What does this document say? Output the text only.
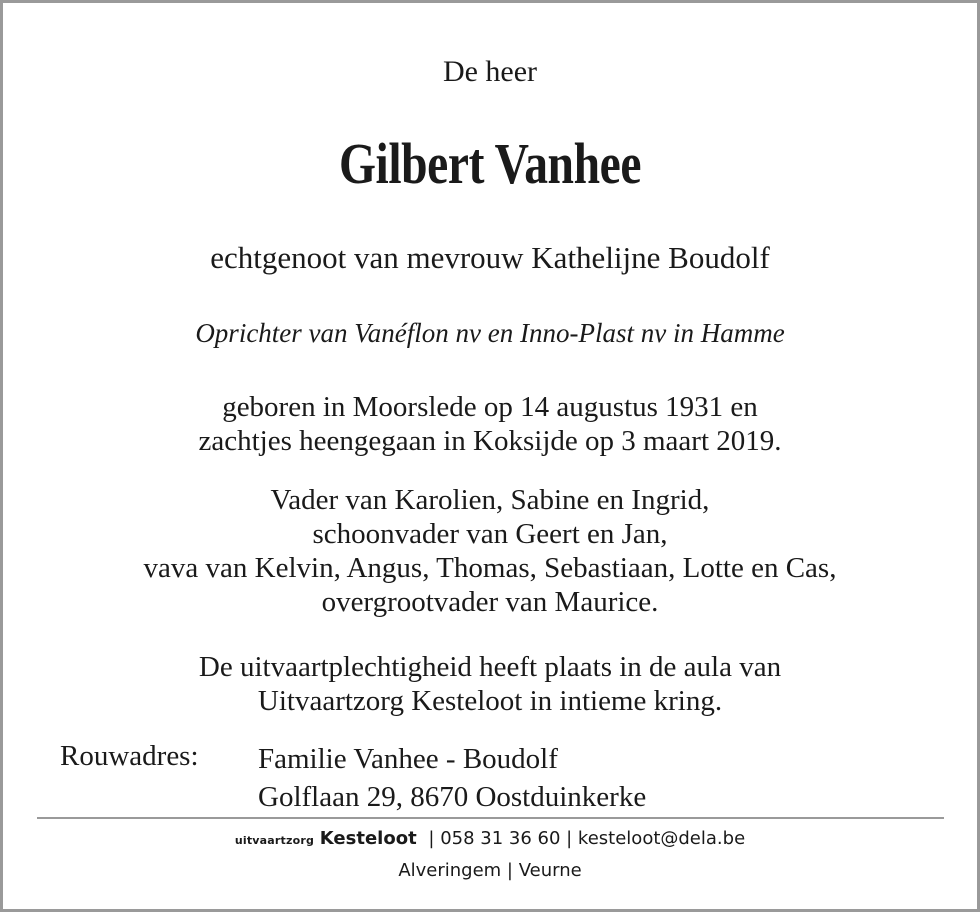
De heer
Gilbert Vanhee
echtgenoot van mevrouw Kathelijne Boudolf
Oprichter van Vanéflon nv en Inno-Plast nv in Hamme
geboren in Moorslede op 14 augustus 1931 en
zachtjes heengegaan in Koksijde op 3 maart 2019.
Vader van Karolien, Sabine en Ingrid,
schoonvader van Geert en Jan,
vava van Kelvin, Angus, Thomas, Sebastiaan, Lotte en Cas,
overgrootvader van Maurice.
De uitvaartplechtigheid heeft plaats in de aula van
Uitvaartzorg Kesteloot in intieme kring.
Rouwadres: Familie Vanhee - Boudolf
Golflaan 29, 8670 Oostduinkerke
uitvaartzorg Kesteloot | 058 31 36 60 | kesteloot@dela.be
Alveringem | Veurne
